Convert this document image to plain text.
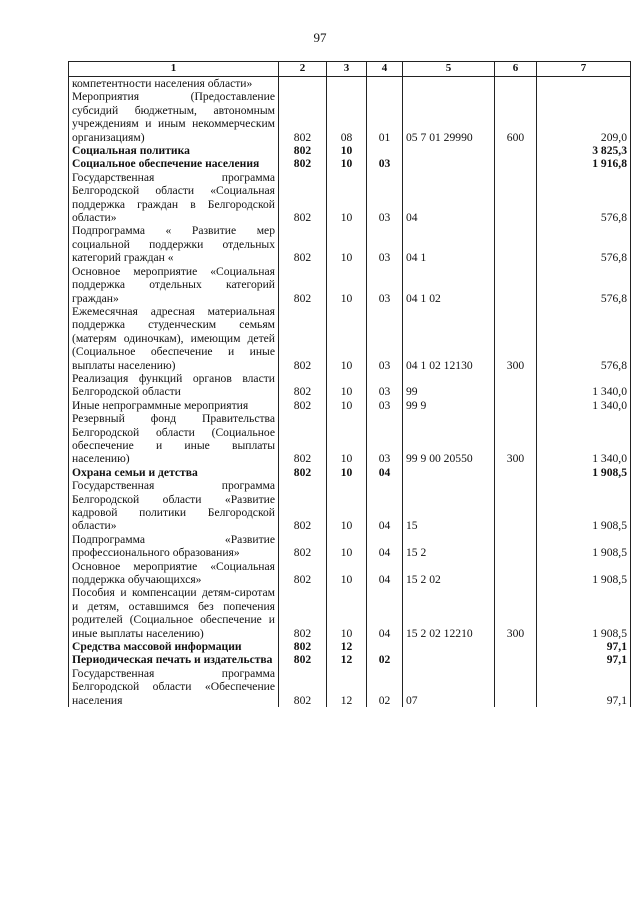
97
1	2	3	4	5	6	7
компетентности населения области»						
Мероприятия (Предоставление субсидий бюджетным, автономным учреждениям и иным некоммерческим организациям)	802	08	01	05 7 01 29990	600	209,0
Социальная политика	802	10				3 825,3
Социальное обеспечение населения	802	10	03			1 916,8
Государственная программа Белгородской области «Социальная поддержка граждан в Белгородской области»	802	10	03	04		576,8
Подпрограмма « Развитие мер социальной поддержки отдельных категорий граждан «	802	10	03	04 1		576,8
Основное мероприятие «Социальная поддержка отдельных категорий граждан»	802	10	03	04 1 02		576,8
Ежемесячная адресная материальная поддержка студенческим семьям (матерям одиночкам), имеющим детей (Социальное обеспечение и иные выплаты населению)	802	10	03	04 1 02 12130	300	576,8
Реализация функций органов власти Белгородской области	802	10	03	99		1 340,0
Иные непрограммные мероприятия	802	10	03	99 9		1 340,0
Резервный фонд Правительства Белгородской области (Социальное обеспечение и иные выплаты населению)	802	10	03	99 9 00 20550	300	1 340,0
Охрана семьи и детства	802	10	04			1 908,5
Государственная программа Белгородской области «Развитие кадровой политики Белгородской области»	802	10	04	15		1 908,5
Подпрограмма «Развитие профессионального образования»	802	10	04	15 2		1 908,5
Основное мероприятие «Социальная поддержка обучающихся»	802	10	04	15 2 02		1 908,5
Пособия и компенсации детям-сиротам и детям, оставшимся без попечения родителей (Социальное обеспечение и иные выплаты населению)	802	10	04	15 2 02 12210	300	1 908,5
Средства массовой информации	802	12				97,1
Периодическая печать и издательства	802	12	02			97,1
Государственная программа Белгородской области «Обеспечение населения	802	12	02	07		97,1
